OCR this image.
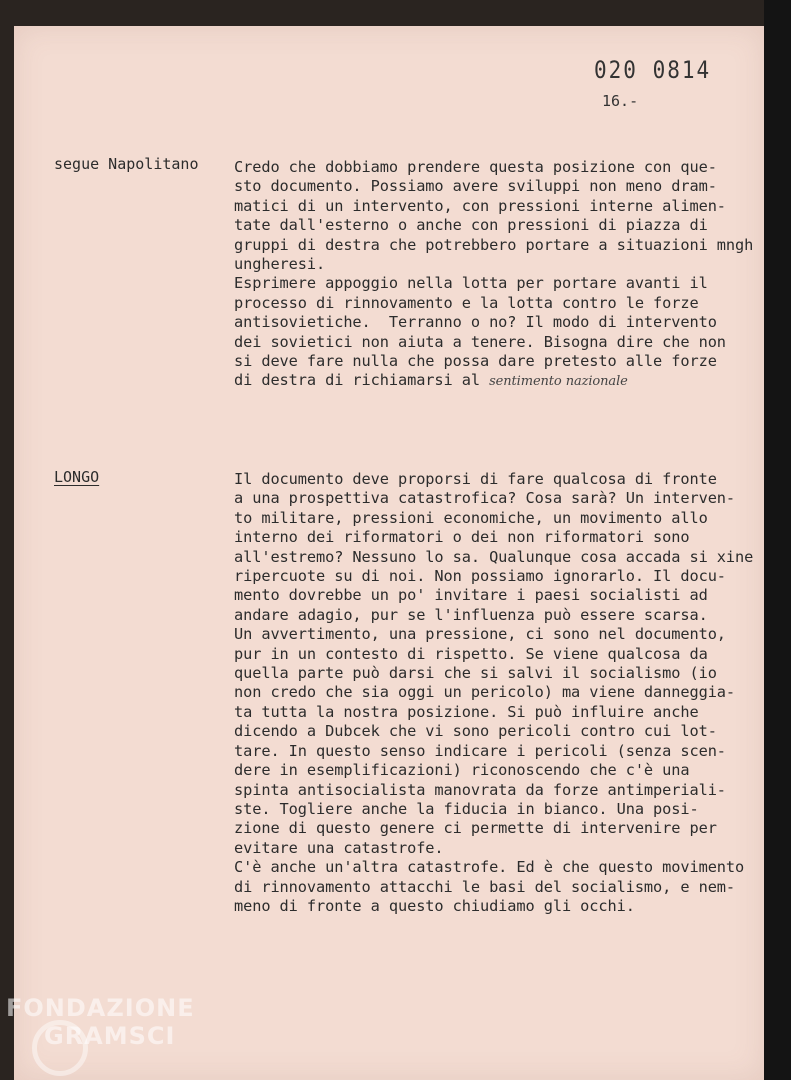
020 0814
16.-
segue Napolitano Credo che dobbiamo prendere questa posizione con que-
sto documento. Possiamo avere sviluppi non meno dram-
matici di un intervento, con pressioni interne alimen-
tate dall'esterno o anche con pressioni di piazza di
gruppi di destra che potrebbero portare a situazioni mngh
ungheresi.
Esprimere appoggio nella lotta per portare avanti il
processo di rinnovamento e la lotta contro le forze
antisovietiche.  Terranno o no? Il modo di intervento
dei sovietici non aiuta a tenere. Bisogna dire che non
si deve fare nulla che possa dare pretesto alle forze
di destra di richiamarsi al sentimento nazionale

LONGO	Il documento deve proporsi di fare qualcosa di fronte
a una prospettiva catastrofica? Cosa sarà? Un interven-
to militare, pressioni economiche, un movimento allo
interno dei riformatori o dei non riformatori sono
all'estremo? Nessuno lo sa. Qualunque cosa accada si xine
ripercuote su di noi. Non possiamo ignorarlo. Il docu-
mento dovrebbe un po' invitare i paesi socialisti ad
andare adagio, pur se l'influenza può essere scarsa.
Un avvertimento, una pressione, ci sono nel documento,
pur in un contesto di rispetto. Se viene qualcosa da
quella parte può darsi che si salvi il socialismo (io
non credo che sia oggi un pericolo) ma viene danneggia-
ta tutta la nostra posizione. Si può influire anche
dicendo a Dubcek che vi sono pericoli contro cui lot-
tare. In questo senso indicare i pericoli (senza scen-
dere in esemplificazioni) riconoscendo che c'è una
spinta antisocialista manovrata da forze antimperiali-
ste. Togliere anche la fiducia in bianco. Una posi-
zione di questo genere ci permette di intervenire per
evitare una catastrofe.
C'è anche un'altra catastrofe. Ed è che questo movimento
di rinnovamento attacchi le basi del socialismo, e nem-
meno di fronte a questo chiudiamo gli occhi.

FONDAZIONE
GRAMSCI
